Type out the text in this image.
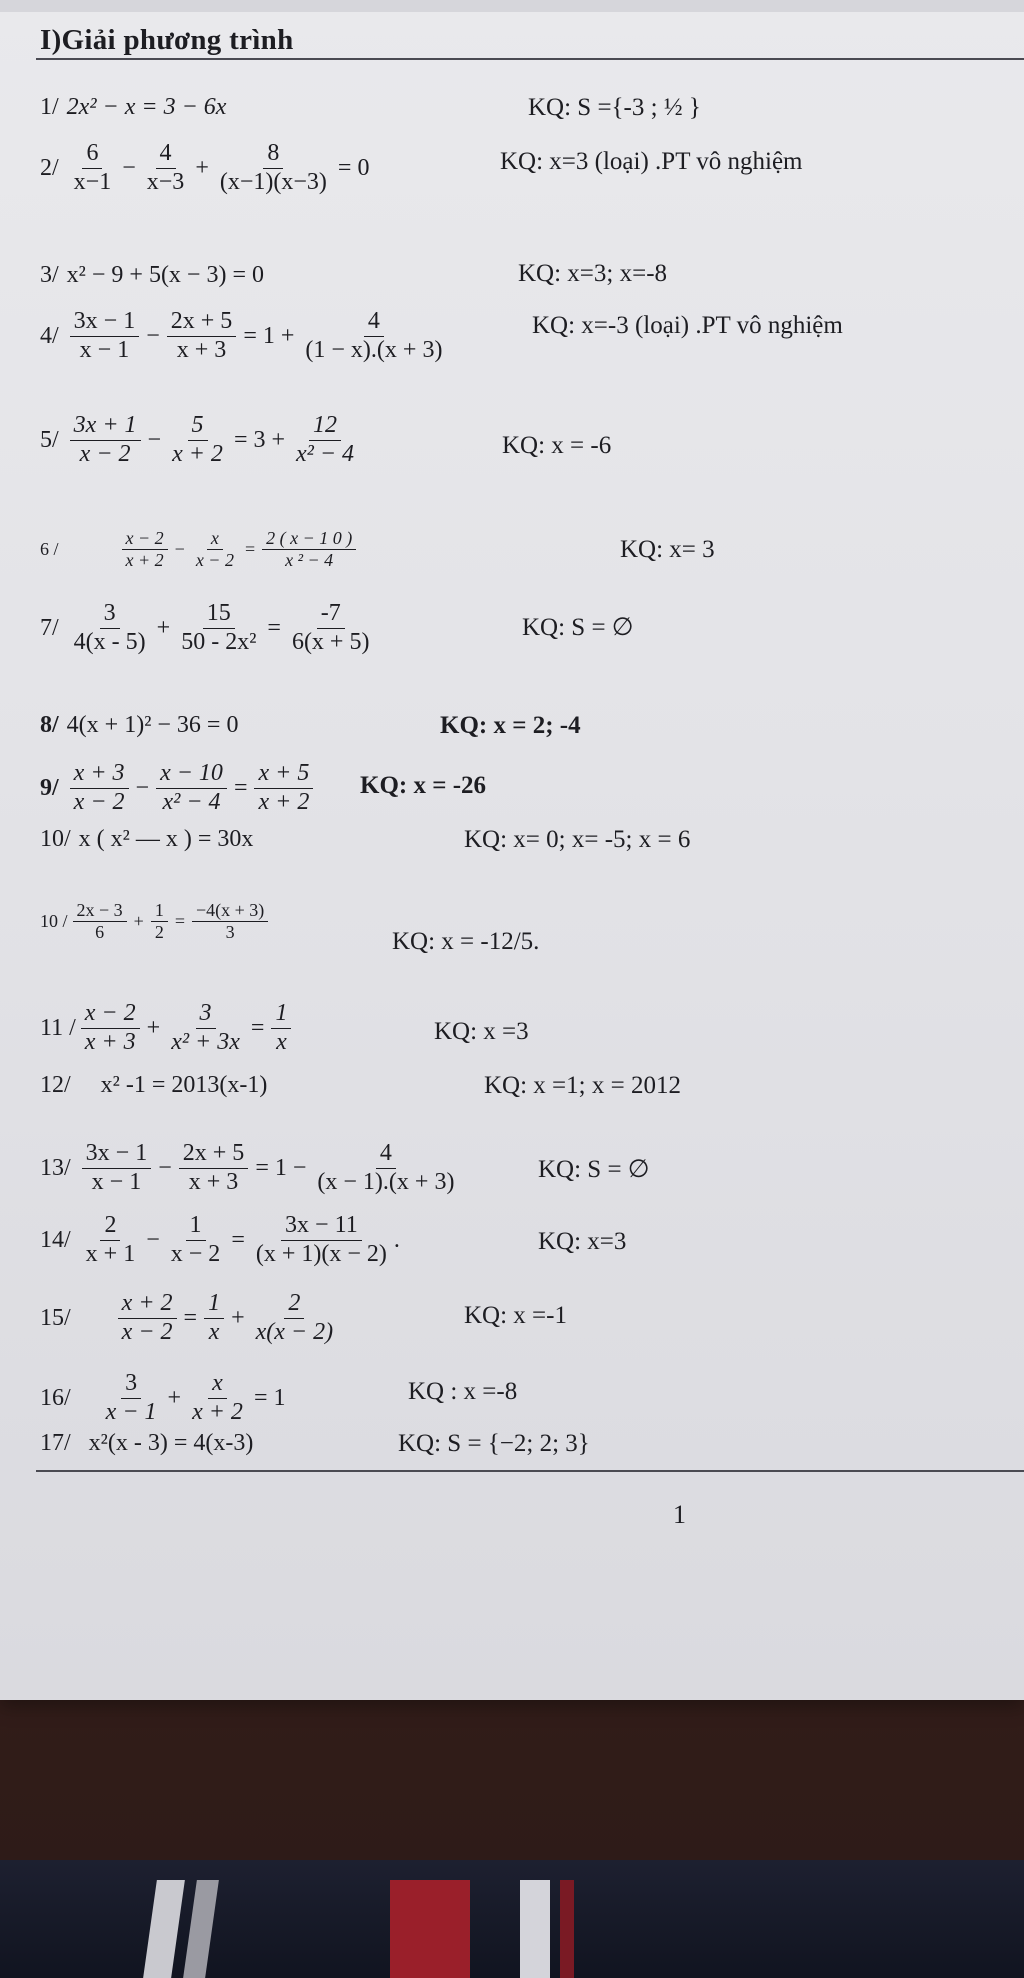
I)Giải phương trình
1/ 2x² − x = 3 − 6x	KQ: S ={-3 ; ½ }
$2/ \frac{6}{x-1} - \frac{4}{x-3} + \frac{8}{(x-1)(x-3)} = 0$	KQ: x=3 (loại) .PT vô nghiệm
3/ x² − 9 + 5(x − 3) = 0	KQ: x=3; x=-8
$4/ \frac{3x - 1}{x - 1} - \frac{2x + 5}{x + 3} = 1 + \frac{4}{(1 - x).(x + 3)}$	KQ: x=-3 (loại) .PT vô nghiệm
$5/ \frac{3x + 1}{x - 2} - \frac{5}{x + 2} = 3 + \frac{12}{\text{x² − 4}}$	KQ: x = -6
6 /	$\frac{x - 2}{x + 2} - \frac{x}{x - 2} = \frac{2 ( x - 1 0 )}{\text{x ² − 4}}$	KQ: x= 3
$7/ \frac{3}{4(x - 5)} + \frac{15}{\text{50 - 2x²}} = \frac{-7}{6(x + 5)}$	KQ: S = ∅
8/ 4(x + 1)² − 36 = 0	KQ: x = 2; -4
$9/ \frac{x + 3}{x - 2} - \frac{x - 10}{\text{x² − 4}} = \frac{x + 5}{x + 2}$ KQ: x = -26
10/ x ( x² — x ) = 30x	KQ: x= 0; x= -5; x = 6
$10 / \frac{2x - 3}{6} + \frac{1}{2} = \frac{-4(x + 3)}{3}$	KQ: x = -12/5.
$11 / \frac{x - 2}{x + 3} + \frac{3}{\text{x² + 3x}} = \frac{1}{x}$	KQ: x =3
12/ x² -1 = 2013(x-1)	KQ: x =1; x = 2012
$13/ \frac{3x - 1}{x - 1} - \frac{2x + 5}{x + 3} = 1 - \frac{4}{(x - 1).(x + 3)}$	KQ: S = ∅
$14/ \frac{2}{x + 1} - \frac{1}{x - 2} = \frac{3x - 11}{(x + 1)(x - 2)}$ .	KQ: x=3
$15/ \frac{x + 2}{x - 2} = \frac{1}{x} + \frac{2}{x(x - 2)}$	KQ: x =-1
$16/ \frac{3}{x - 1} + \frac{x}{x + 2} = 1$	KQ : x =-8
17/ x²(x - 3) = 4(x-3)	KQ: S = {−2; 2; 3}
1
